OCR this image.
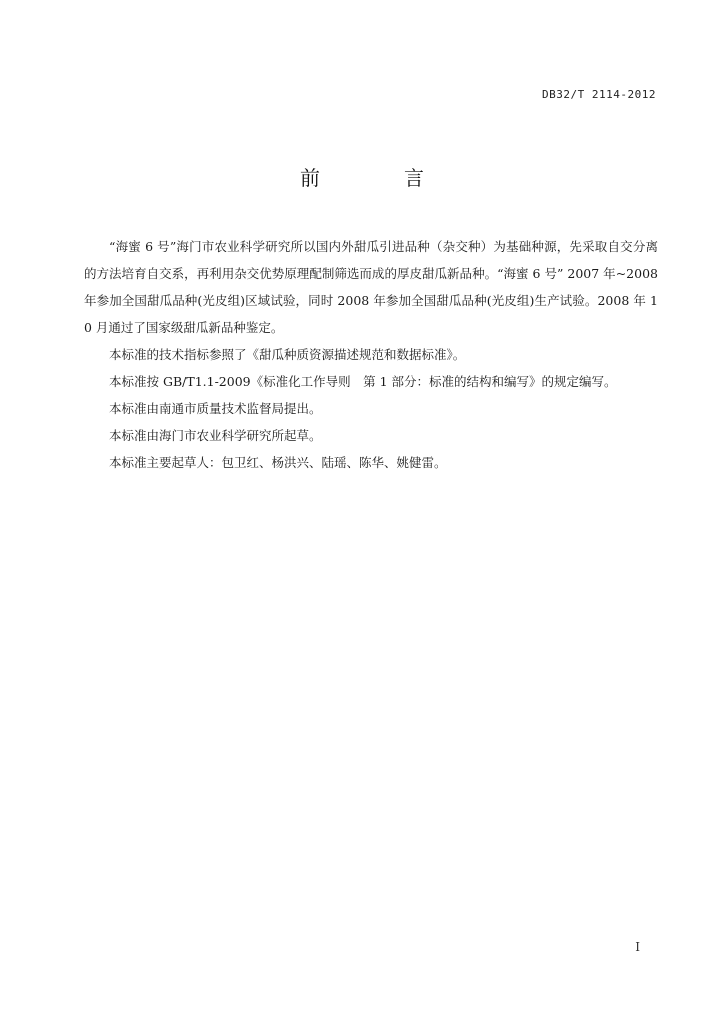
DB32/T 2114-2012
前　言

“海蜜 6 号”海门市农业科学研究所以国内外甜瓜引进品种（杂交种）为基础种源，先采取自交分离的方法培育自交系，再利用杂交优势原理配制筛选而成的厚皮甜瓜新品种。“海蜜 6 号” 2007 年~2008 年参加全国甜瓜品种(光皮组)区域试验，同时 2008 年参加全国甜瓜品种(光皮组)生产试验。2008 年 10 月通过了国家级甜瓜新品种鉴定。

本标准的技术指标参照了《甜瓜种质资源描述规范和数据标准》。

本标准按 GB/T1.1-2009《标准化工作导则　第 1 部分：标准的结构和编写》的规定编写。

本标准由南通市质量技术监督局提出。

本标准由海门市农业科学研究所起草。

本标准主要起草人：包卫红、杨洪兴、陆瑶、陈华、姚健雷。

I
